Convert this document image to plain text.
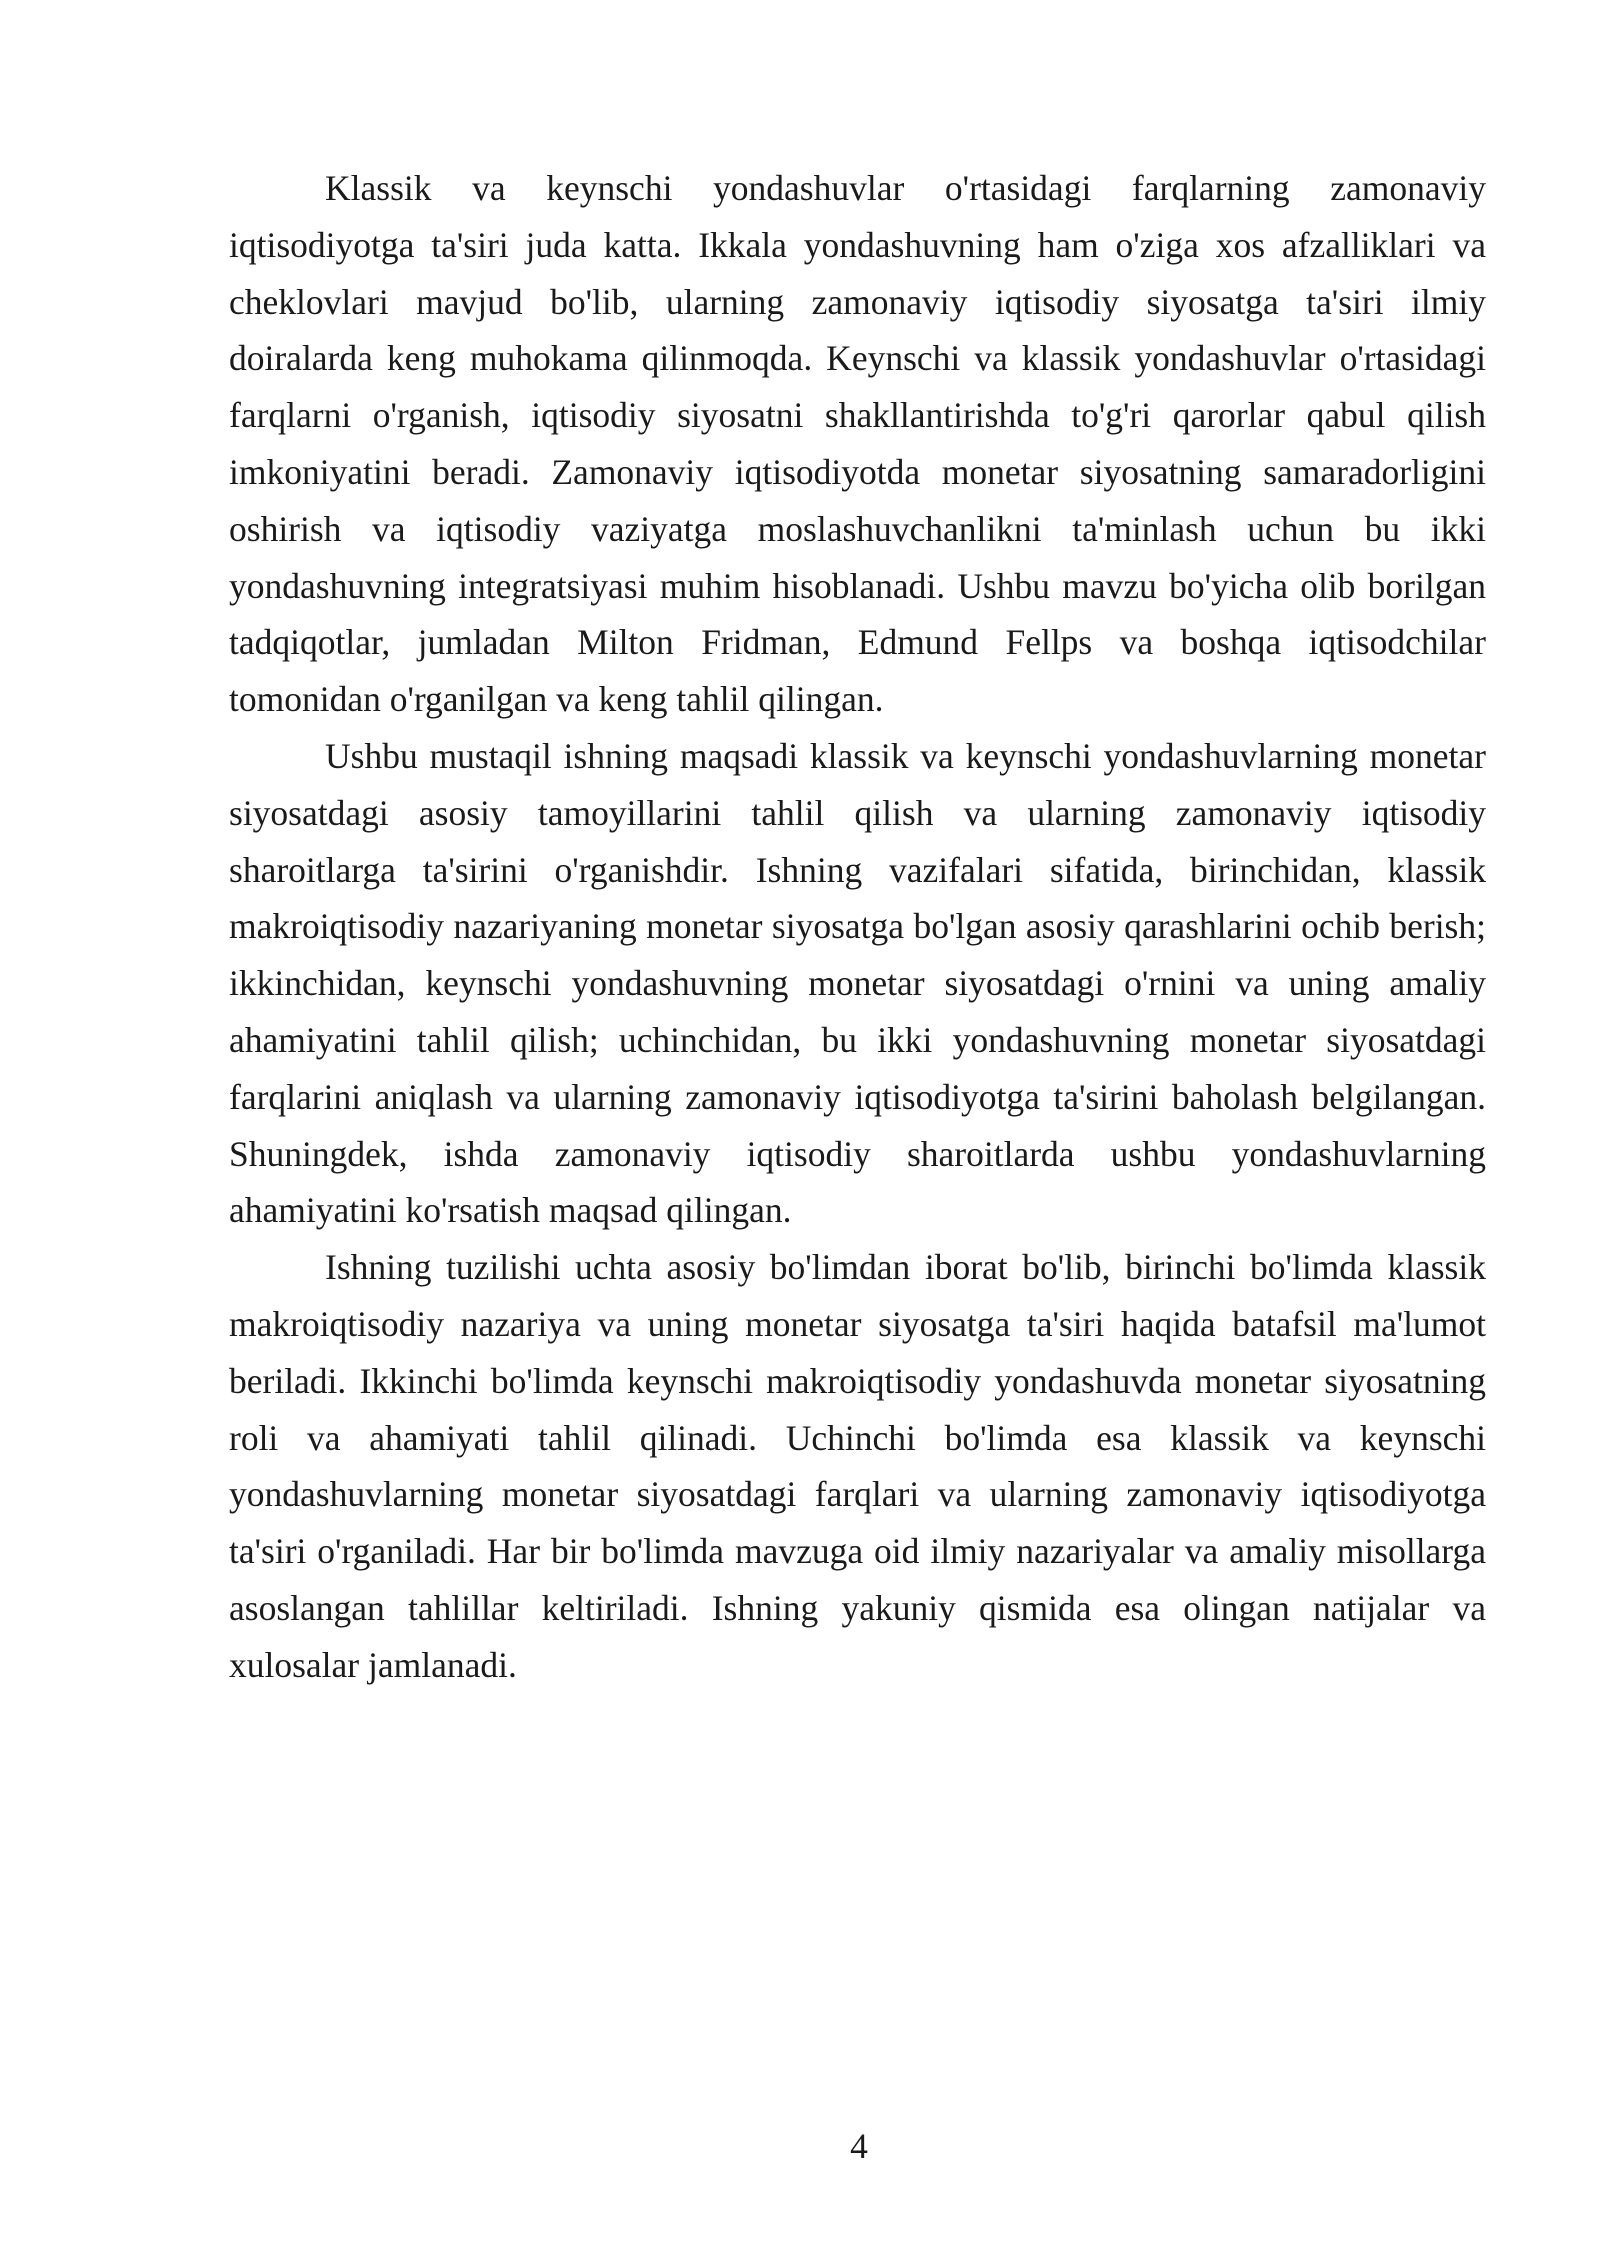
Klassik va keynschi yondashuvlar o'rtasidagi farqlarning zamonaviy iqtisodiyotga ta'siri juda katta. Ikkala yondashuvning ham o'ziga xos afzalliklari va cheklovlari mavjud bo'lib, ularning zamonaviy iqtisodiy siyosatga ta'siri ilmiy doiralarda keng muhokama qilinmoqda. Keynschi va klassik yondashuvlar o'rtasidagi farqlarni o'rganish, iqtisodiy siyosatni shakllantirishda to'g'ri qarorlar qabul qilish imkoniyatini beradi. Zamonaviy iqtisodiyotda monetar siyosatning samaradorligini oshirish va iqtisodiy vaziyatga moslashuvchanlikni ta'minlash uchun bu ikki yondashuvning integratsiyasi muhim hisoblanadi. Ushbu mavzu bo'yicha olib borilgan tadqiqotlar, jumladan Milton Fridman, Edmund Fellps va boshqa iqtisodchilar tomonidan o'rganilgan va keng tahlil qilingan.

Ushbu mustaqil ishning maqsadi klassik va keynschi yondashuvlarning monetar siyosatdagi asosiy tamoyillarini tahlil qilish va ularning zamonaviy iqtisodiy sharoitlarga ta'sirini o'rganishdir. Ishning vazifalari sifatida, birinchidan, klassik makroiqtisodiy nazariyaning monetar siyosatga bo'lgan asosiy qarashlarini ochib berish; ikkinchidan, keynschi yondashuvning monetar siyosatdagi o'rnini va uning amaliy ahamiyatini tahlil qilish; uchinchidan, bu ikki yondashuvning monetar siyosatdagi farqlarini aniqlash va ularning zamonaviy iqtisodiyotga ta'sirini baholash belgilangan. Shuningdek, ishda zamonaviy iqtisodiy sharoitlarda ushbu yondashuvlarning ahamiyatini ko'rsatish maqsad qilingan.

Ishning tuzilishi uchta asosiy bo'limdan iborat bo'lib, birinchi bo'limda klassik makroiqtisodiy nazariya va uning monetar siyosatga ta'siri haqida batafsil ma'lumot beriladi. Ikkinchi bo'limda keynschi makroiqtisodiy yondashuvda monetar siyosatning roli va ahamiyati tahlil qilinadi. Uchinchi bo'limda esa klassik va keynschi yondashuvlarning monetar siyosatdagi farqlari va ularning zamonaviy iqtisodiyotga ta'siri o'rganiladi. Har bir bo'limda mavzuga oid ilmiy nazariyalar va amaliy misollarga asoslangan tahlillar keltiriladi. Ishning yakuniy qismida esa olingan natijalar va xulosalar jamlanadi.

4
